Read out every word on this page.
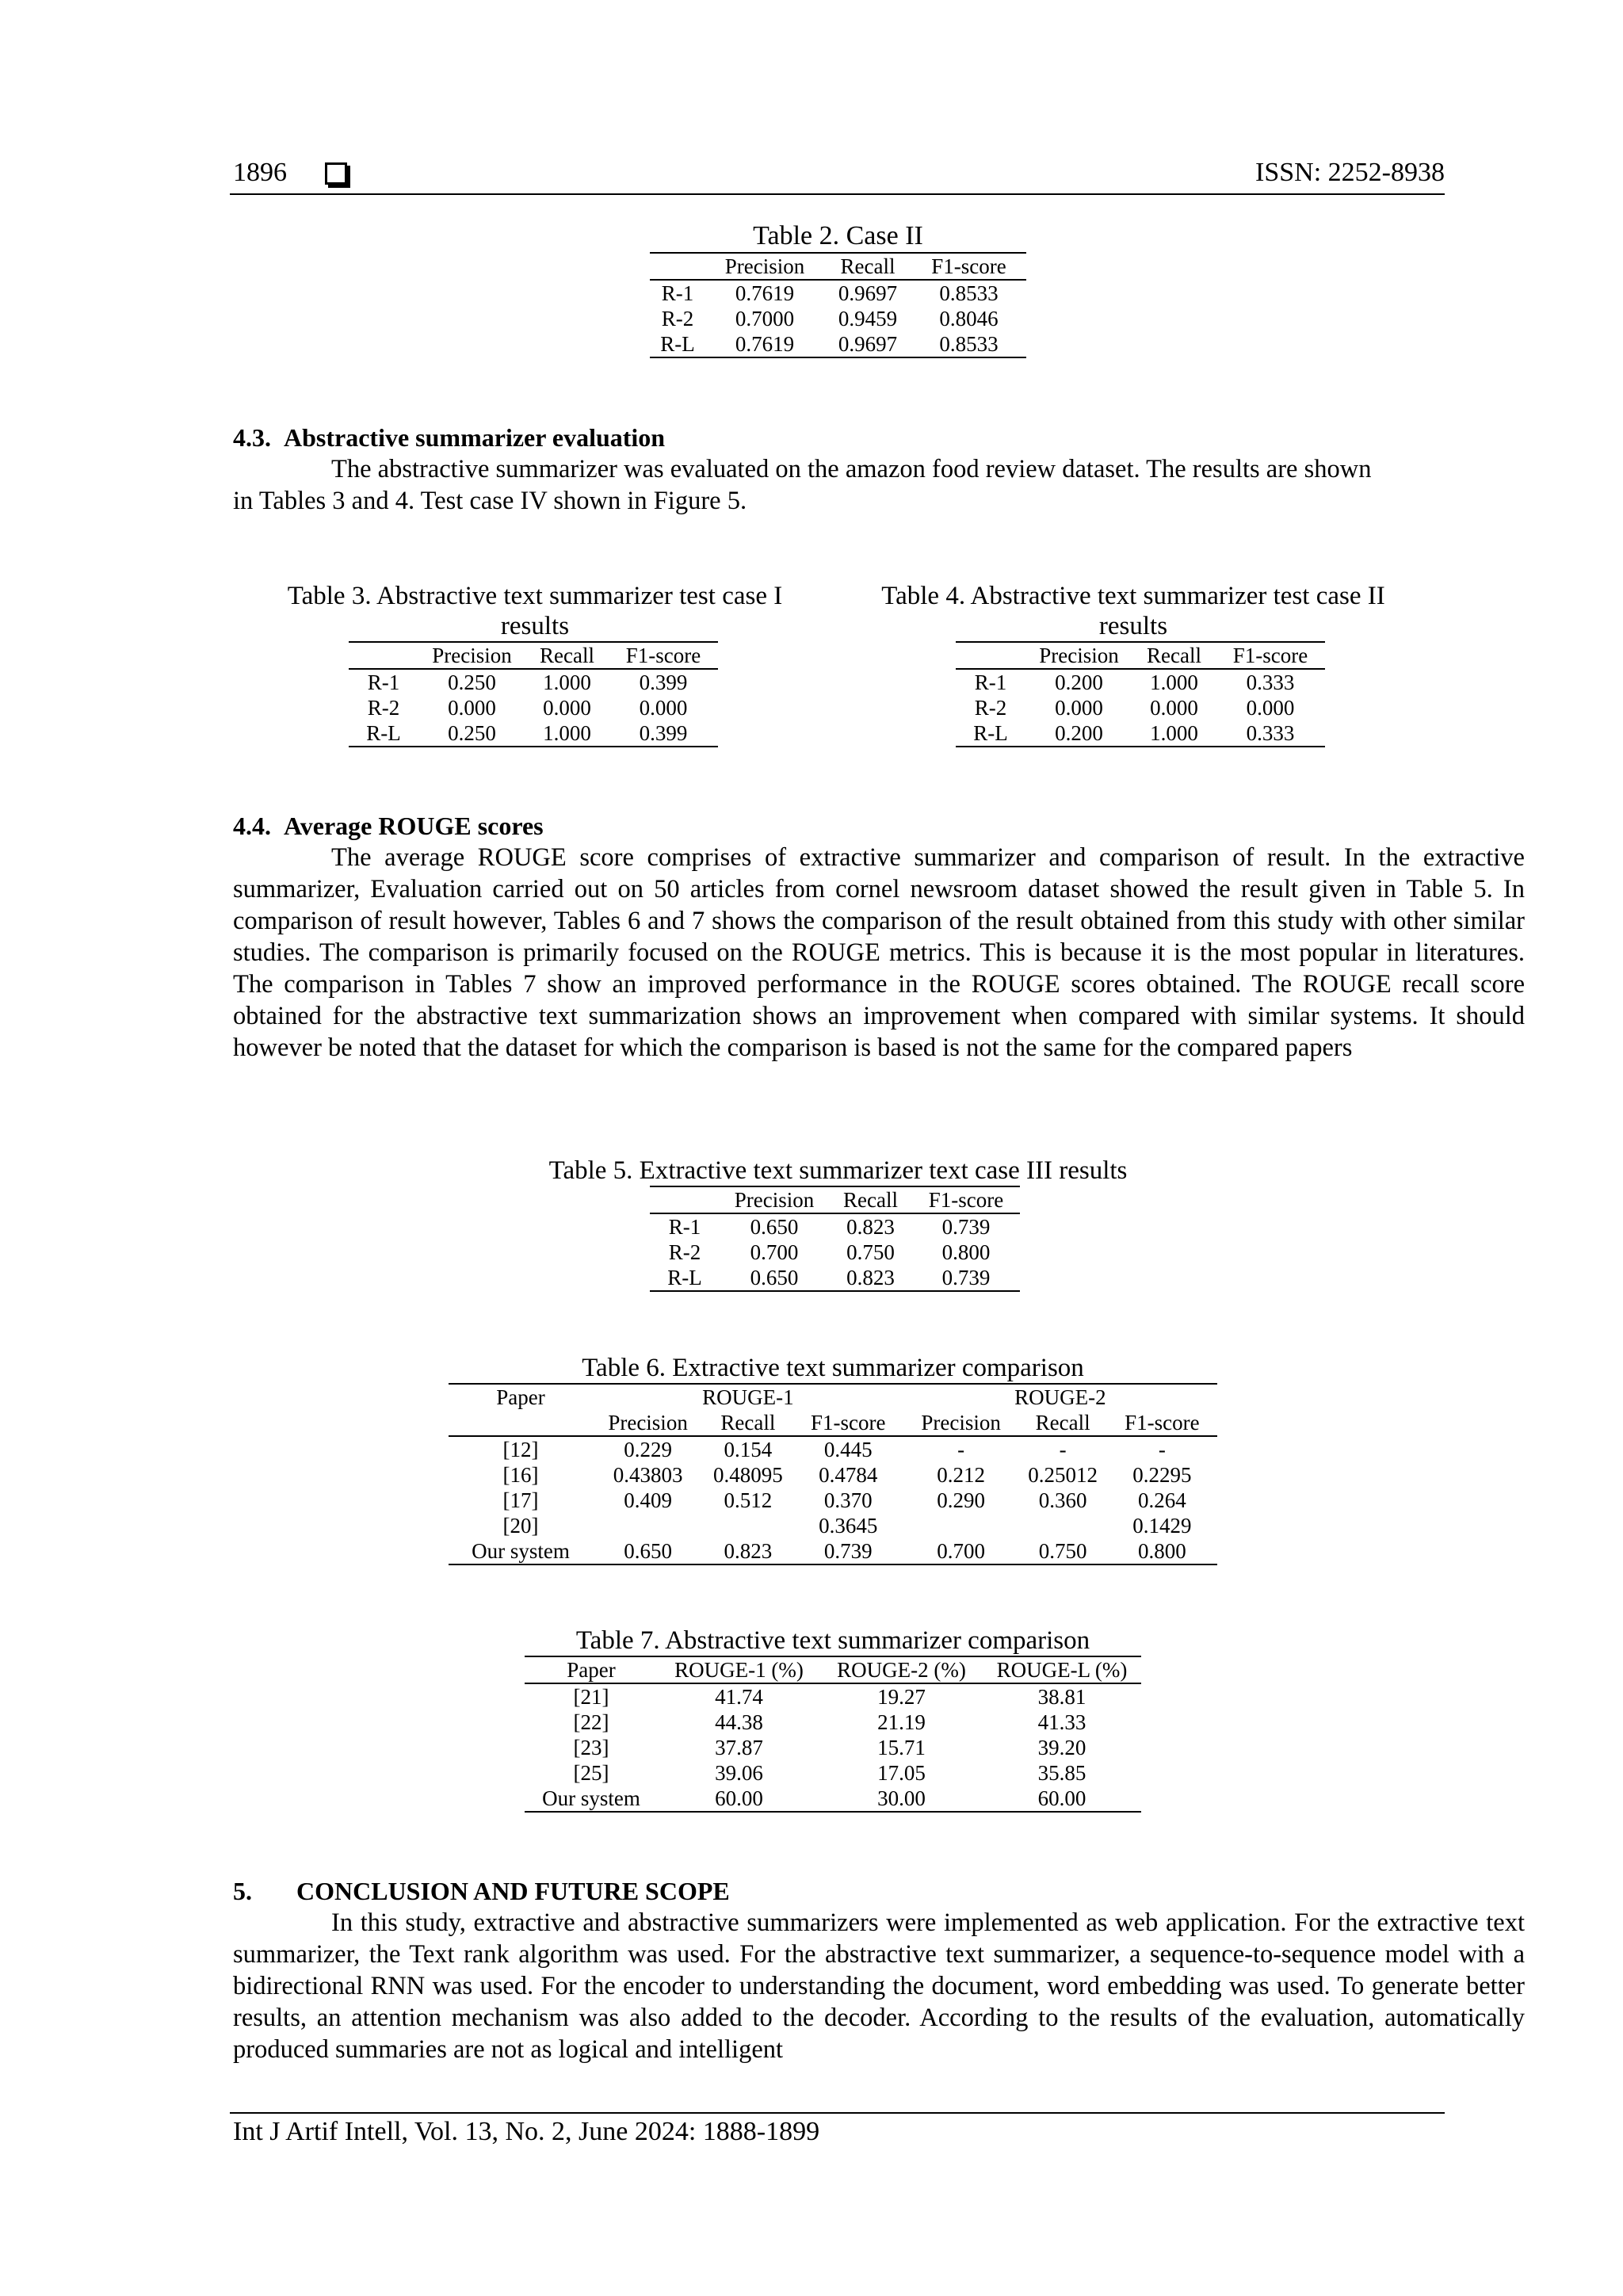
1896	ISSN: 2252-8938
Table 2. Case II
	Precision	Recall	F1-score
R-1	0.7619	0.9697	0.8533
R-2	0.7000	0.9459	0.8046
R-L	0.7619	0.9697	0.8533
4.3. Abstractive summarizer evaluation
The abstractive summarizer was evaluated on the amazon food review dataset. The results are shown
in Tables 3 and 4. Test case IV shown in Figure 5.
Table 3. Abstractive text summarizer test case I
results
	Precision	Recall	F1-score
R-1	0.250	1.000	0.399
R-2	0.000	0.000	0.000
R-L	0.250	1.000	0.399
Table 4. Abstractive text summarizer test case II
results
	Precision	Recall	F1-score
R-1	0.200	1.000	0.333
R-2	0.000	0.000	0.000
R-L	0.200	1.000	0.333
4.4. Average ROUGE scores
The average ROUGE score comprises of extractive summarizer and comparison of result. In the extractive summarizer, Evaluation carried out on 50 articles from cornel newsroom dataset showed the result given in Table 5. In comparison of result however, Tables 6 and 7 shows the comparison of the result obtained from this study with other similar studies. The comparison is primarily focused on the ROUGE metrics. This is because it is the most popular in literatures. The comparison in Tables 7 show an improved performance in the ROUGE scores obtained. The ROUGE recall score obtained for the abstractive text summarization shows an improvement when compared with similar systems. It should however be noted that the dataset for which the comparison is based is not the same for the compared papers
Table 5. Extractive text summarizer text case III results
	Precision	Recall	F1-score
R-1	0.650	0.823	0.739
R-2	0.700	0.750	0.800
R-L	0.650	0.823	0.739
Table 6. Extractive text summarizer comparison
Paper	ROUGE-1			ROUGE-2		
	Precision	Recall	F1-score	Precision	Recall	F1-score
[12]	0.229	0.154	0.445	-	-	-
[16]	0.43803	0.48095	0.4784	0.212	0.25012	0.2295
[17]	0.409	0.512	0.370	0.290	0.360	0.264
[20]			0.3645			0.1429
Our system	0.650	0.823	0.739	0.700	0.750	0.800
Table 7. Abstractive text summarizer comparison
Paper	ROUGE-1 (%)	ROUGE-2 (%)	ROUGE-L (%)
[21]	41.74	19.27	38.81
[22]	44.38	21.19	41.33
[23]	37.87	15.71	39.20
[25]	39.06	17.05	35.85
Our system	60.00	30.00	60.00
5. CONCLUSION AND FUTURE SCOPE
In this study, extractive and abstractive summarizers were implemented as web application. For the extractive text summarizer, the Text rank algorithm was used. For the abstractive text summarizer, a sequence-to-sequence model with a bidirectional RNN was used. For the encoder to understanding the document, word embedding was used. To generate better results, an attention mechanism was also added to the decoder. According to the results of the evaluation, automatically produced summaries are not as logical and intelligent
Int J Artif Intell, Vol. 13, No. 2, June 2024: 1888-1899
